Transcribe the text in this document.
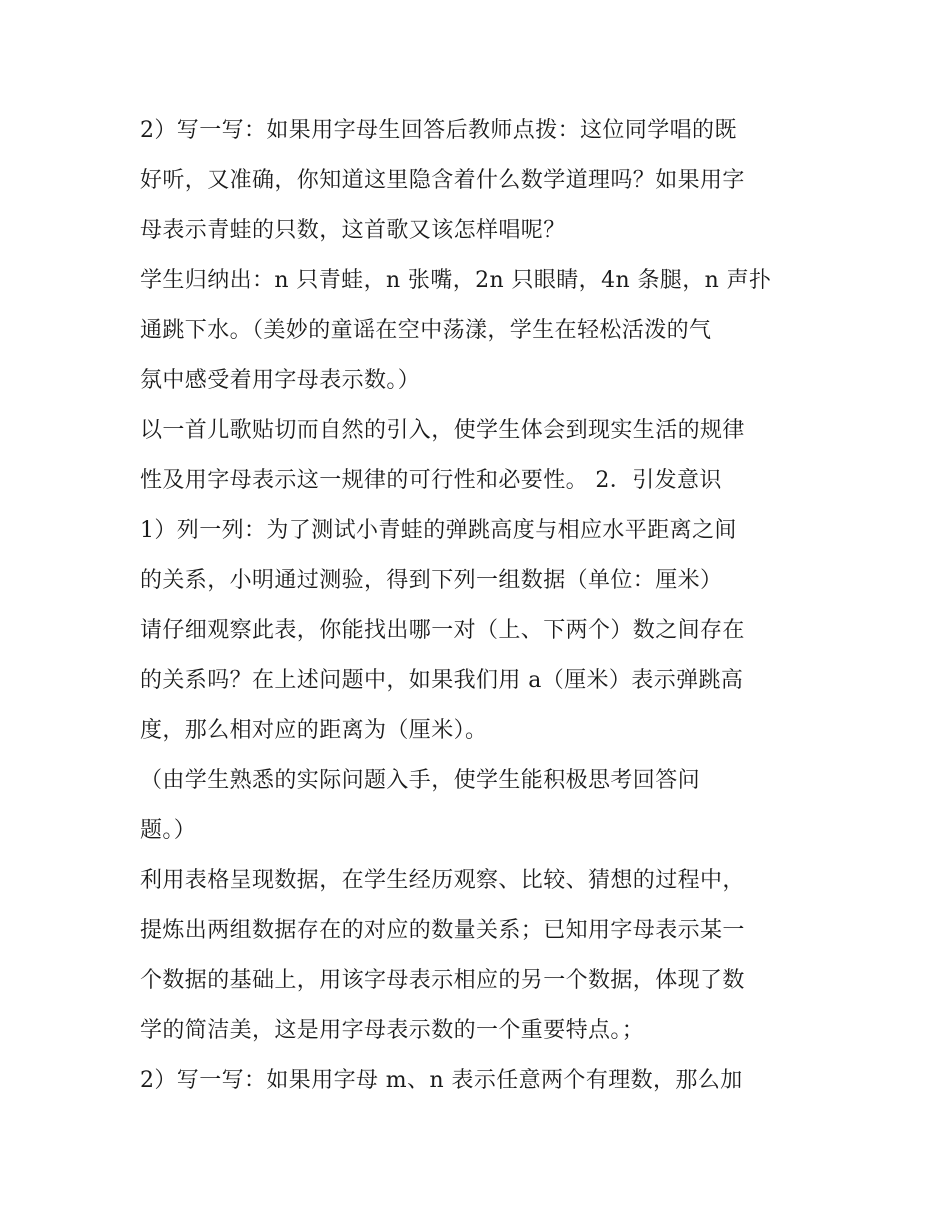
2）写一写：如果用字母生回答后教师点拨：这位同学唱的既
好听，又准确，你知道这里隐含着什么数学道理吗？如果用字
母表示青蛙的只数，这首歌又该怎样唱呢？
学生归纳出：n 只青蛙，n 张嘴，2n 只眼睛，4n 条腿，n 声扑
通跳下水。（美妙的童谣在空中荡漾，学生在轻松活泼的气
氛中感受着用字母表示数。）
以一首儿歌贴切而自然的引入，使学生体会到现实生活的规律
性及用字母表示这一规律的可行性和必要性。 2．引发意识
1）列一列：为了测试小青蛙的弹跳高度与相应水平距离之间
的关系，小明通过测验，得到下列一组数据（单位：厘米）
请仔细观察此表，你能找出哪一对（上、下两个）数之间存在
的关系吗？在上述问题中，如果我们用 a（厘米）表示弹跳高
度，那么相对应的距离为（厘米）。
（由学生熟悉的实际问题入手，使学生能积极思考回答问
题。）
利用表格呈现数据，在学生经历观察、比较、猜想的过程中，
提炼出两组数据存在的对应的数量关系；已知用字母表示某一
个数据的基础上，用该字母表示相应的另一个数据，体现了数
学的简洁美，这是用字母表示数的一个重要特点。；
2）写一写：如果用字母 m、n 表示任意两个有理数，那么加
